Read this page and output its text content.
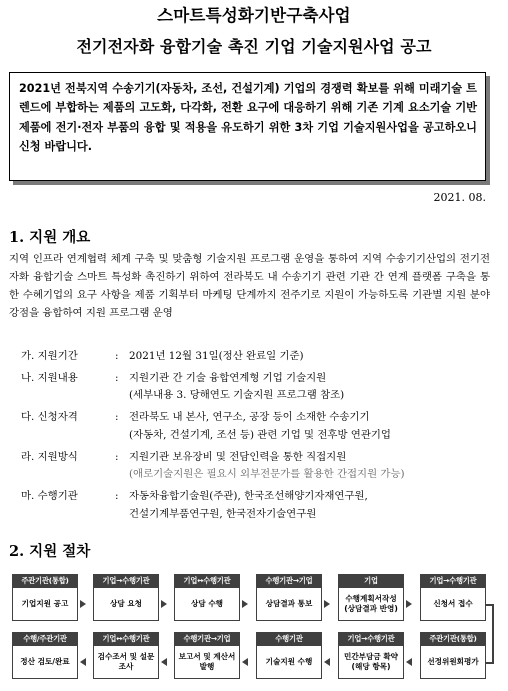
스마트특성화기반구축사업
전기전자화 융합기술 촉진 기업 기술지원사업 공고
2021년 전북지역 수송기기(자동차, 조선, 건설기계) 기업의 경쟁력 확보를 위해 미래기술 트렌드에 부합하는 제품의 고도화, 다각화, 전환 요구에 대응하기 위해 기존 기계 요소기술 기반 제품에 전기·전자 부품의 융합 및 적용을 유도하기 위한 3차 기업 기술지원사업을 공고하오니 신청 바랍니다.
2021. 08.
1. 지원 개요
지역 인프라 연계협력 체계 구축 및 맞춤형 기술지원 프로그램 운영을 통하여 지역 수송기기산업의 전기전자화 융합기술 스마트 특성화 촉진하기 위하여 전라북도 내 수송기기 관련 기관 간 연계 플랫폼 구축을 통한 수혜기업의 요구 사항을 제품 기획부터 마케팅 단계까지 전주기로 지원이 가능하도록 기관별 지원 분야 강점을 융합하여 지원 프로그램 운영
가. 지원기간	:	2021년 12월 31일(정산 완료일 기준)
나. 지원내용	:	지원기관 간 기술 융합연계형 기업 기술지원
(세부내용 3. 당해연도 기술지원 프로그램 참조)
다. 신청자격	:	전라북도 내 본사, 연구소, 공장 등이 소재한 수송기기
(자동차, 건설기계, 조선 등) 관련 기업 및 전후방 연관기업
라. 지원방식	:	지원기관 보유장비 및 전담인력을 통한 직접지원
(애로기술지원은 필요시 외부전문가를 활용한 간접지원 가능)
마. 수행기관	:	자동차융합기술원(주관), 한국조선해양기자재연구원,
건설기계부품연구원, 한국전자기술연구원
2. 지원 절차
주관기관(통합)
기업지원 공고
기업→수행기관
상담 요청
기업↔수행기관
상담 수행
수행기관→기업
상담결과 통보
기업
수행계획서작성 (상담결과 반영)
기업→수행기관
신청서 접수
수행/주관기관
정산 검토/완료
기업↔수행기관
검수조서 및 설문 조사
수행기관→기업
보고서 및 계산서 발행
수행기관
기술지원 수행
기업→수행기관
민간부담금 확약 (해당 항목)
주관기관(통합)
선정위원회평가
